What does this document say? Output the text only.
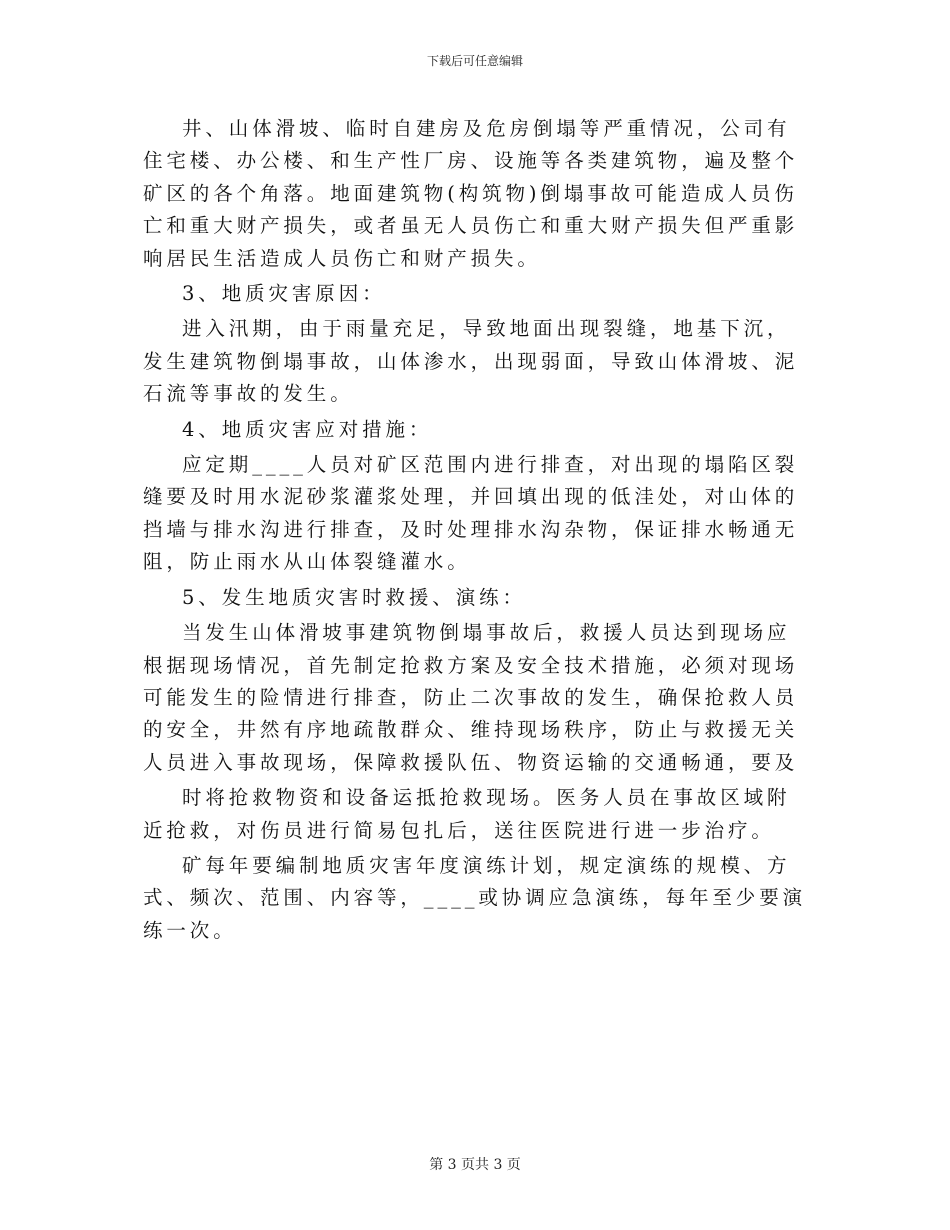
下载后可任意编辑

井、山体滑坡、临时自建房及危房倒塌等严重情况，公司有住宅楼、办公楼、和生产性厂房、设施等各类建筑物，遍及整个矿区的各个角落。地面建筑物(构筑物)倒塌事故可能造成人员伤亡和重大财产损失，或者虽无人员伤亡和重大财产损失但严重影响居民生活造成人员伤亡和财产损失。

3、地质灾害原因：

进入汛期，由于雨量充足，导致地面出现裂缝，地基下沉，发生建筑物倒塌事故，山体渗水，出现弱面，导致山体滑坡、泥石流等事故的发生。

4、地质灾害应对措施：

应定期____人员对矿区范围内进行排查，对出现的塌陷区裂缝要及时用水泥砂浆灌浆处理，并回填出现的低洼处，对山体的挡墙与排水沟进行排查，及时处理排水沟杂物，保证排水畅通无阻，防止雨水从山体裂缝灌水。

5、发生地质灾害时救援、演练：

当发生山体滑坡事建筑物倒塌事故后，救援人员达到现场应根据现场情况，首先制定抢救方案及安全技术措施，必须对现场可能发生的险情进行排查，防止二次事故的发生，确保抢救人员的安全，井然有序地疏散群众、维持现场秩序，防止与救援无关人员进入事故现场，保障救援队伍、物资运输的交通畅通，要及

时将抢救物资和设备运抵抢救现场。医务人员在事故区域附近抢救，对伤员进行简易包扎后，送往医院进行进一步治疗。

矿每年要编制地质灾害年度演练计划，规定演练的规模、方式、频次、范围、内容等，____或协调应急演练，每年至少要演练一次。

第 3 页共 3 页
